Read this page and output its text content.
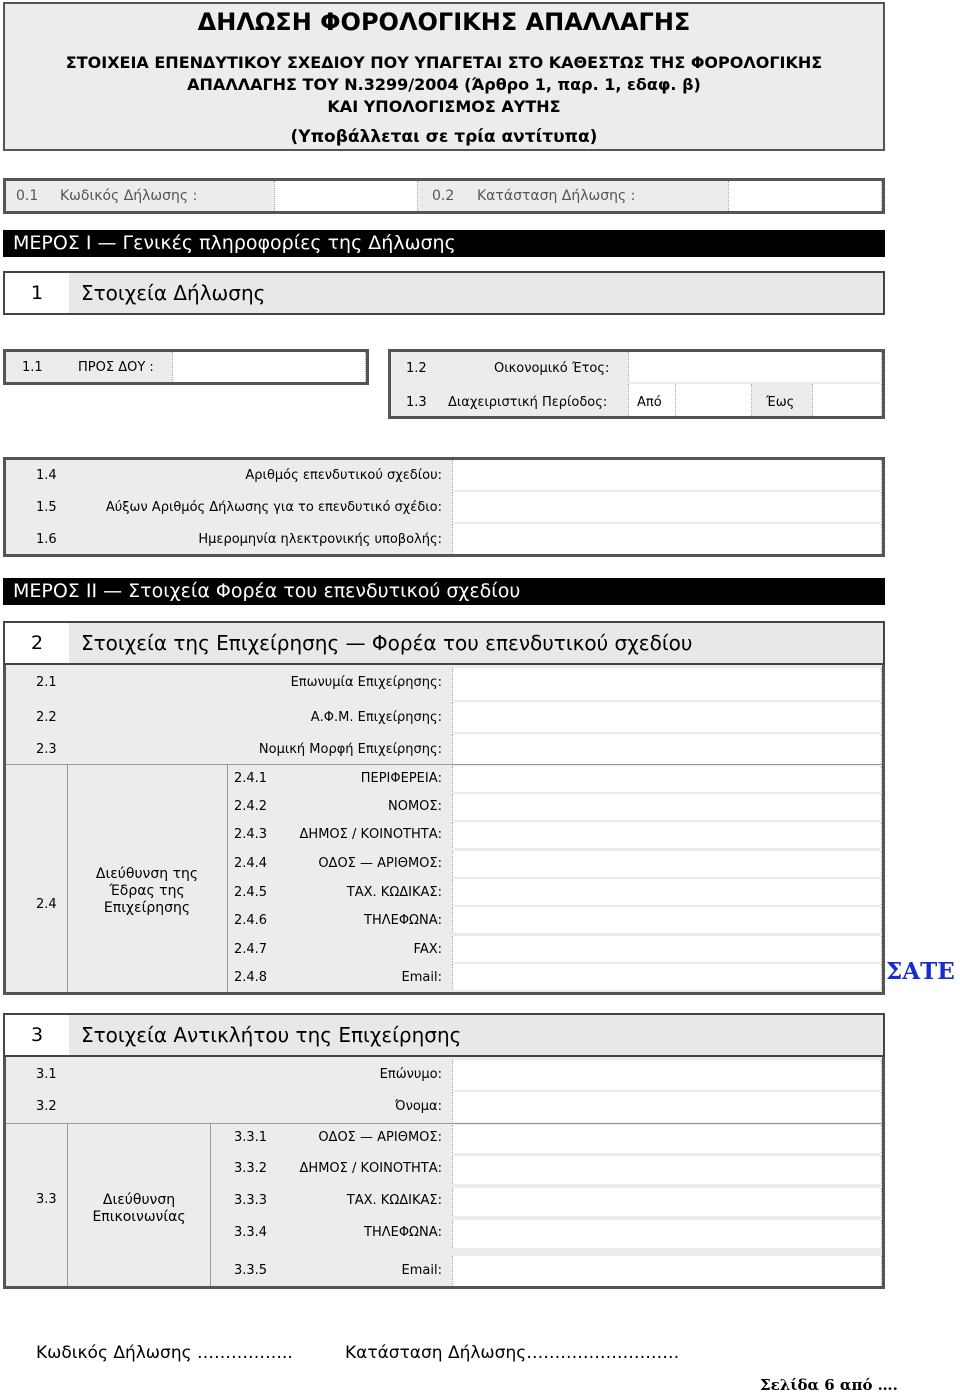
ΔΗΛΩΣΗ ΦΟΡΟΛΟΓΙΚΗΣ ΑΠΑΛΛΑΓΗΣ
ΣΤΟΙΧΕΙΑ ΕΠΕΝΔΥΤΙΚΟΥ ΣΧΕΔΙΟΥ ΠΟΥ ΥΠΑΓΕΤΑΙ ΣΤΟ ΚΑΘΕΣΤΩΣ ΤΗΣ ΦΟΡΟΛΟΓΙΚΗΣ
ΑΠΑΛΛΑΓΗΣ ΤΟΥ Ν.3299/2004 (Άρθρο 1, παρ. 1, εδαφ. β)
ΚΑΙ ΥΠΟΛΟΓΙΣΜΟΣ ΑΥΤΗΣ
(Υποβάλλεται σε τρία αντίτυπα)
0.1 Κωδικός Δήλωσης :	0.2 Κατάσταση Δήλωσης :
ΜΕΡΟΣ Ι — Γενικές πληροφορίες της Δήλωσης
1	Στοιχεία Δήλωσης
1.1	ΠΡΟΣ ΔΟΥ :	1.2	Οικονομικό Έτος:
1.3 Διαχειριστική Περίοδος: Από	Έως
1.4	Αριθμός επενδυτικού σχεδίου:
1.5	Αύξων Αριθμός Δήλωσης για το επενδυτικό σχέδιο:
1.6	Ημερομηνία ηλεκτρονικής υποβολής:
ΜΕΡΟΣ ΙΙ — Στοιχεία Φορέα του επενδυτικού σχεδίου
2	Στοιχεία της Επιχείρησης — Φορέα του επενδυτικού σχεδίου
2.1	Επωνυμία Επιχείρησης:
2.2	Α.Φ.Μ. Επιχείρησης:
2.3	Νομική Μορφή Επιχείρησης:
2.4
Διεύθυνση της
Έδρας της
Επιχείρησης
2.4.1	ΠΕΡΙΦΕΡΕΙΑ:
2.4.2	ΝΟΜΟΣ:
2.4.3	ΔΗΜΟΣ / ΚΟΙΝΟΤΗΤΑ:
2.4.4	ΟΔΟΣ — ΑΡΙΘΜΟΣ:
2.4.5	ΤΑΧ. ΚΩΔΙΚΑΣ:
2.4.6	ΤΗΛΕΦΩΝΑ:
2.4.7	FAX:
2.4.8	Email:	ΣΑΤΕ
3	Στοιχεία Αντικλήτου της Επιχείρησης
3.1	Επώνυμο:
3.2	Όνομα:
3.3	Διεύθυνση
Επικοινωνίας
3.3.1	ΟΔΟΣ — ΑΡΙΘΜΟΣ:
3.3.2	ΔΗΜΟΣ / ΚΟΙΝΟΤΗΤΑ:
3.3.3	ΤΑΧ. ΚΩΔΙΚΑΣ:
3.3.4	ΤΗΛΕΦΩΝΑ:
3.3.5	Email:
Κωδικός Δήλωσης ……………..	Κατάσταση Δήλωσης………………………
Σελίδα 6 από ….
